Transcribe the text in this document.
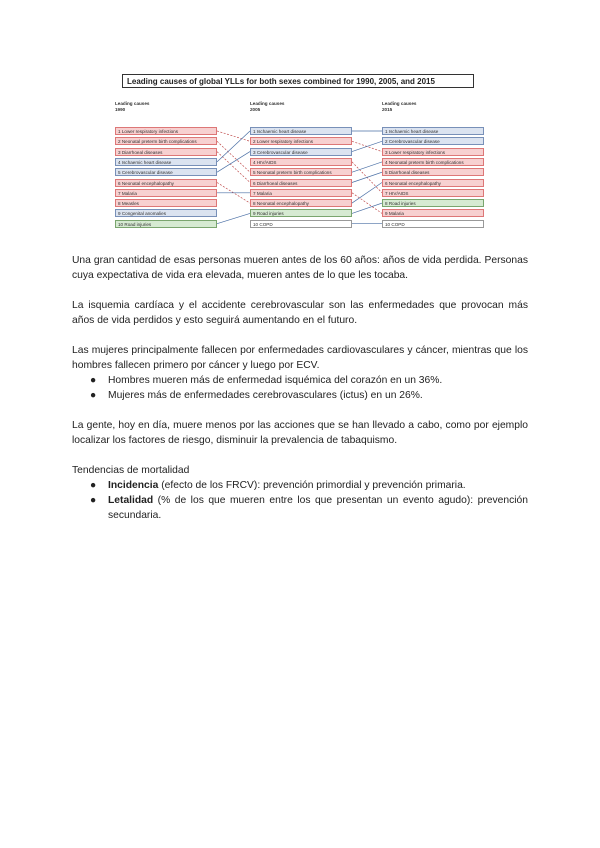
Leading causes of global YLLs for both sexes combined for 1990, 2005, and 2015
Leading causes
1990
Leading causes
2005
Leading causes
2015
1 Lower respiratory infections
2 Neonatal preterm birth complications
3 Diarrhoeal diseases
4 Ischaemic heart disease
5 Cerebrovascular disease
6 Neonatal encephalopathy
7 Malaria
8 Measles
9 Congenital anomalies
10 Road injuries
1 Ischaemic heart disease
2 Lower respiratory infections
3 Cerebrovascular disease
4 HIV/AIDS
5 Neonatal preterm birth complications
6 Diarrhoeal diseases
7 Malaria
8 Neonatal encephalopathy
9 Road injuries
10 COPD
1 Ischaemic heart disease
2 Cerebrovascular disease
3 Lower respiratory infections
4 Neonatal preterm birth complications
5 Diarrhoeal diseases
6 Neonatal encephalopathy
7 HIV/AIDS
8 Road injuries
9 Malaria
10 COPD

Una gran cantidad de esas personas mueren antes de los 60 años: años de vida perdida. Personas cuya expectativa de vida era elevada, mueren antes de lo que les tocaba.

La isquemia cardíaca y el accidente cerebrovascular son las enfermedades que provocan más años de vida perdidos y esto seguirá aumentando en el futuro.

Las mujeres principalmente fallecen por enfermedades cardiovasculares y cáncer, mientras que los hombres fallecen primero por cáncer y luego por ECV.

● Hombres mueren más de enfermedad isquémica del corazón en un 36%.
● Mujeres más de enfermedades cerebrovasculares (ictus) en un 26%.

La gente, hoy en día, muere menos por las acciones que se han llevado a cabo, como por ejemplo localizar los factores de riesgo, disminuir la prevalencia de tabaquismo.

Tendencias de mortalidad

● Incidencia (efecto de los FRCV): prevención primordial y prevención primaria.
● Letalidad (% de los que mueren entre los que presentan un evento agudo): prevención secundaria.
